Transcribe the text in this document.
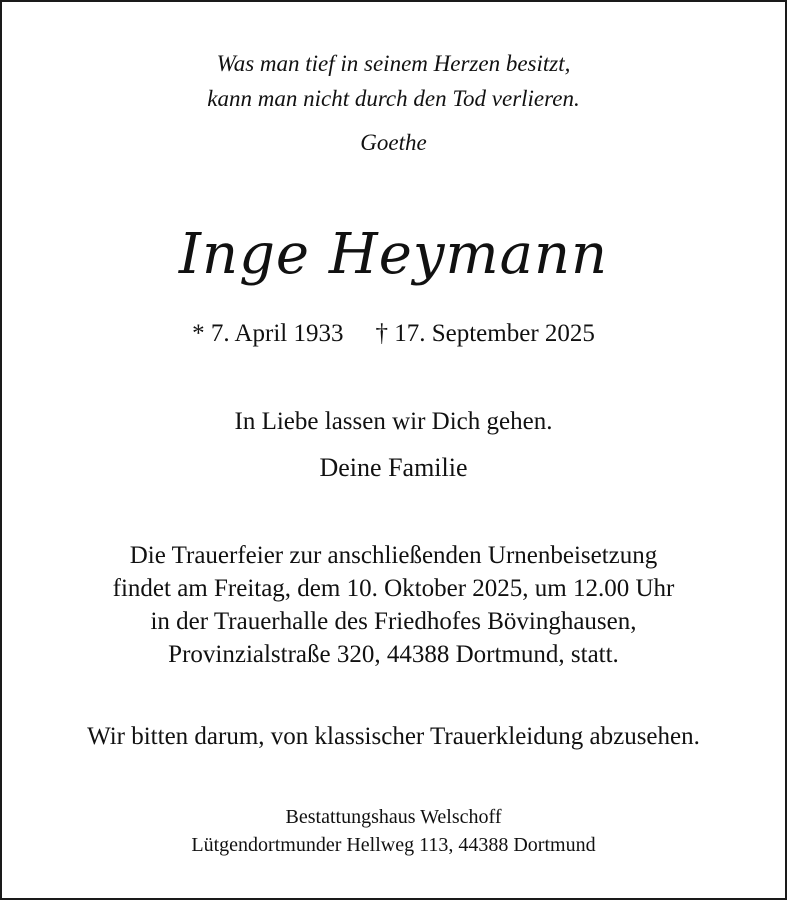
Was man tief in seinem Herzen besitzt,
kann man nicht durch den Tod verlieren.
Goethe
Inge Heymann
* 7. April 1933 † 17. September 2025
In Liebe lassen wir Dich gehen.
Deine Familie
Die Trauerfeier zur anschließenden Urnenbeisetzung
findet am Freitag, dem 10. Oktober 2025, um 12.00 Uhr
in der Trauerhalle des Friedhofes Bövinghausen,
Provinzialstraße 320, 44388 Dortmund, statt.
Wir bitten darum, von klassischer Trauerkleidung abzusehen.
Bestattungshaus Welschoff
Lütgendortmunder Hellweg 113, 44388 Dortmund
